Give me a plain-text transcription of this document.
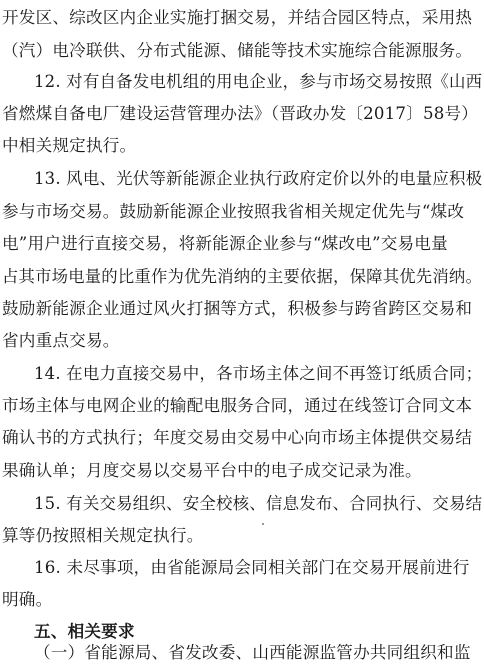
开发区、综改区内企业实施打捆交易，并结合园区特点，采用热
（汽）电冷联供、分布式能源、储能等技术实施综合能源服务。
12. 对有自备发电机组的用电企业，参与市场交易按照《山西
省燃煤自备电厂建设运营管理办法》（晋政办发〔2017〕58号）
中相关规定执行。
13. 风电、光伏等新能源企业执行政府定价以外的电量应积极
参与市场交易。鼓励新能源企业按照我省相关规定优先与“煤改
电”用户进行直接交易，将新能源企业参与“煤改电”交易电量
占其市场电量的比重作为优先消纳的主要依据，保障其优先消纳。
鼓励新能源企业通过风火打捆等方式，积极参与跨省跨区交易和
省内重点交易。
14. 在电力直接交易中，各市场主体之间不再签订纸质合同；
市场主体与电网企业的输配电服务合同，通过在线签订合同文本
确认书的方式执行；年度交易由交易中心向市场主体提供交易结
果确认单；月度交易以交易平台中的电子成交记录为准。
15. 有关交易组织、安全校核、信息发布、合同执行、交易结
算等仍按照相关规定执行。
16. 未尽事项，由省能源局会同相关部门在交易开展前进行
明确。
五、相关要求
（一）省能源局、省发改委、山西能源监管办共同组织和监
